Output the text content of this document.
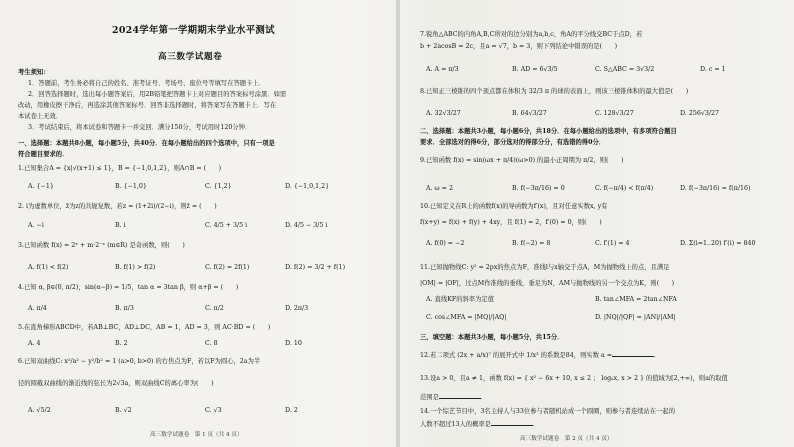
2024学年第一学期期末学业水平测试
高三数学试题卷
考生须知：
1．答题前，考生务必将自己的姓名、准考证号、考场号、座位号等填写在答题卡上．
2．回答选择题时，选出每小题答案后，用2B铅笔把答题卡上对应题目的答案标号涂黑．如需
改动，用橡皮擦干净后，再选涂其他答案标号．回答非选择题时，将答案写在答题卡上．写在
本试卷上无效．
3．考试结束后，将本试卷和答题卡一并交回．满分150分，考试用时120分钟．
一、选择题：本题共8小题，每小题5分，共40分．在每小题给出的四个选项中，只有一项是
符合题目要求的．
1.已知集合A = {x|√(x+1) ≤ 1}，B = {−1,0,1,2}，则A∩B = (　　)
A. {−1}	B. {−1,0}	C. {1,2}	D. {−1,0,1,2}
2. i为虚数单位，z̄为z的共轭复数，若z = (1+2i)/(2−i)，则z̄ = (　　)
A. −i	B. i	C. 4/5 + 3/5 i	D. 4/5 − 3/5 i
3.已知函数 f(x) = 2ˣ + m·2⁻ˣ (m∈R) 是奇函数，则(　　)
A. f(1) < f(2)	B. f(1) > f(2)	C. f(2) = 2f(1)	D. f(2) = 3/2 + f(1)
4.已知 α, β∈(0, π/2)，sin(α−β) = 1/5，tan α = 3tan β，则 α+β = (　　)
A. π/4	B. π/3	C. π/2	D. 2π/3
5.在直角梯形ABCD中，若AB⊥BC，AD⊥DC，AB = 1，AD = 3，则 AC·BD = (　　)
A. 4	B. 2	C. 8	D. 10
6.已知双曲线C: x²/a² − y²/b² = 1 (a>0, b>0) 的右焦点为F，若以F为圆心，2a为半
径的圆截双曲线的渐近线的弦长为2√3a，则双曲线C的离心率为(　　)
A. √5/2	B. √2	C. √3	D. 2
高三数学试题卷　第 1 页（共 4 页）
7.锐角△ABC的内角A,B,C所对的边分别为a,b,c，角A的平分线交BC于点D，若
b + 2acosB = 2c，且a = √7，b = 3，则下列结论中错误的是(　　)
A. A = π/3	B. AD = 6√3/5	C. S△ABC = 3√3/2	D. c = 1
8.已知正三棱锥的四个顶点都在体积为 32/3 π 的球的表面上，则该三棱锥体积的最大值是(　　)
A. 32√3/27	B. 64√3/27	C. 128√3/27	D. 256√3/27
二、选择题：本题共3小题，每小题6分，共18分．在每小题给出的选项中，有多项符合题目
要求．全部选对的得6分，部分选对的得部分分，有选错的得0分．
9.已知函数 f(x) = sin(ωx + π/4)(ω>0) 的最小正周期为 π/2，则(　　)
A. ω = 2	B. f(−3π/16) = 0	C. f(−π/4) < f(π/4)	D. f(−3π/16) = f(π/16)
10.已知定义在R上的函数f(x)的导函数为f′(x)，且对任意实数x, y有
f(x+y) = f(x) + f(y) + 4xy，且 f(1) = 2，f′(0) = 0，则(　　)
A. f(0) = −2	B. f(−2) = 8	C. f′(1) = 4	D. Σ(i=1..20) f′(i) = 840
11.已知抛物线C: y² = 2px的焦点为F，准线l与x轴交于点A，M为抛物线上的点，且满足
|OM| = |OF|，过点M作准线的垂线，垂足为N，AM与抛物线的另一个交点为K，则(　　)
A. 直线KF的斜率为定值	B. tan∠MFA = 2tan∠NFA
C. cos∠MFA = |MQ|/|AQ|	D. |NQ|/|QF| = |AN|/|AM|
三、填空题：本题共3小题，每小题5分，共15分．
12.若二项式 (2x + a/x)⁷ 的展开式中 1/x³ 的系数是84，则实数 a =	．
13.设a > 0，且a ≠ 1，函数 f(x) = { x² − 6x + 10, x ≤ 2 ； logₐx, x > 2 } 的值域为[2,+∞)，则a的取值
范围是	．
14.一个综艺节目中，3名主持人与33位参与者随机站成一个圆圈，则参与者连续站在一起的
人数不超过13人的概率是	．
高三数学试题卷　第 2 页（共 4 页）
